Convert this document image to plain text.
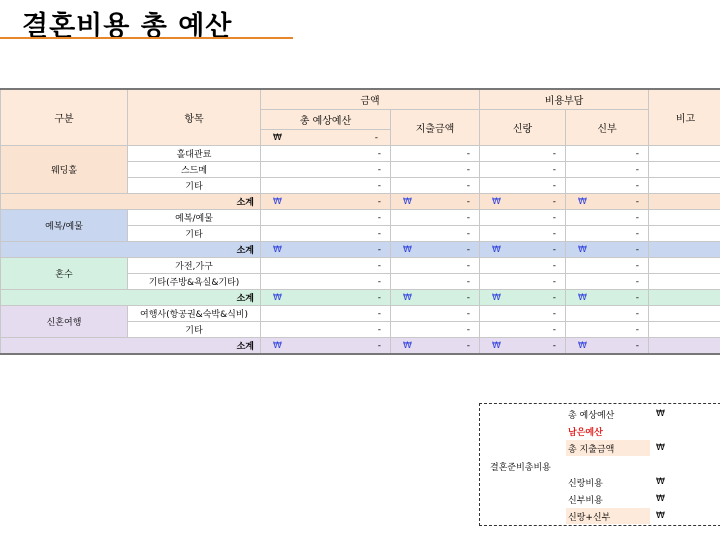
결혼비용 총 예산
구분	항목	금액		비용부담		비고
		총 예상예산	지출금액	신랑	신부	

		₩ -				

웨딩홀	홀대관료	-	-	-	-	
	스드메	-	-	-	-	
	기타	-	-	-	-	
소계		₩ -	₩ -	₩ -	₩ -	

예복/예물	예복/예물	-	-	-	-	
	기타	-	-	-	-	
소계		₩ -	₩ -	₩ -	₩ -	

혼수	가전,가구	-	-	-	-	
	기타(주방&욕실&기타)	-	-	-	-	
소계		₩ -	₩ -	₩ -	₩ -	

신혼여행	여행사(항공권&숙박&식비)	-	-	-	-	
	기타	-	-	-	-	
소계		₩ -	₩ -	₩ -	₩ -	

결혼준비총비용
총 예상예산	₩
남은예산
총 지출금액	₩
신랑비용	₩
신부비용	₩
신랑+신부	₩
